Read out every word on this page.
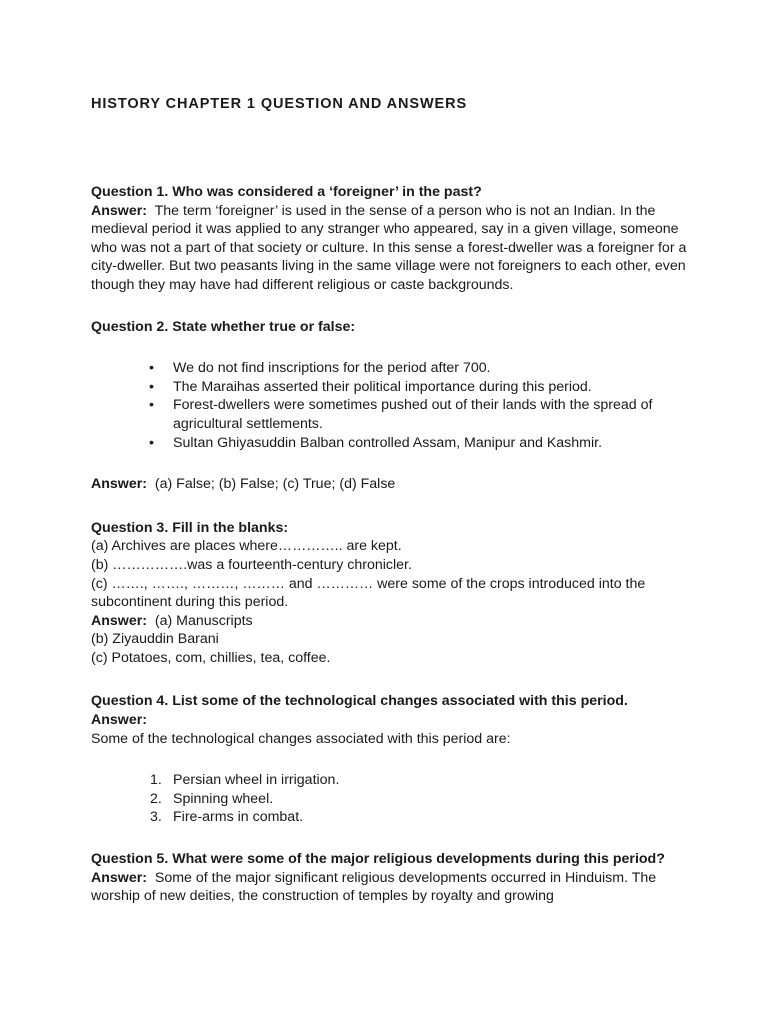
HISTORY CHAPTER 1 QUESTION AND ANSWERS

Question 1. Who was considered a ‘foreigner’ in the past?

Answer: The term ‘foreigner’ is used in the sense of a person who is not an Indian. In the medieval period it was applied to any stranger who appeared, say in a given village, someone who was not a part of that society or culture. In this sense a forest-dweller was a foreigner for a city-dweller. But two peasants living in the same village were not foreigners to each other, even though they may have had different religious or caste backgrounds.

Question 2. State whether true or false:

• We do not find inscriptions for the period after 700.
• The Maraihas asserted their political importance during this period.
• Forest-dwellers were sometimes pushed out of their lands with the spread of agricultural settlements.
• Sultan Ghiyasuddin Balban controlled Assam, Manipur and Kashmir.

Answer: (a) False; (b) False; (c) True; (d) False

Question 3. Fill in the blanks:

(a) Archives are places where………….. are kept.

(b) …………….was a fourteenth-century chronicler.

(c) ……., ……., ………, ……… and ………… were some of the crops introduced into the subcontinent during this period.

Answer: (a) Manuscripts

(b) Ziyauddin Barani

(c) Potatoes, com, chillies, tea, coffee.

Question 4. List some of the technological changes associated with this period.

Answer:

Some of the technological changes associated with this period are:

1. Persian wheel in irrigation.
2. Spinning wheel.
3. Fire-arms in combat.

Question 5. What were some of the major religious developments during this period?

Answer: Some of the major significant religious developments occurred in Hinduism. The worship of new deities, the construction of temples by royalty and growing
